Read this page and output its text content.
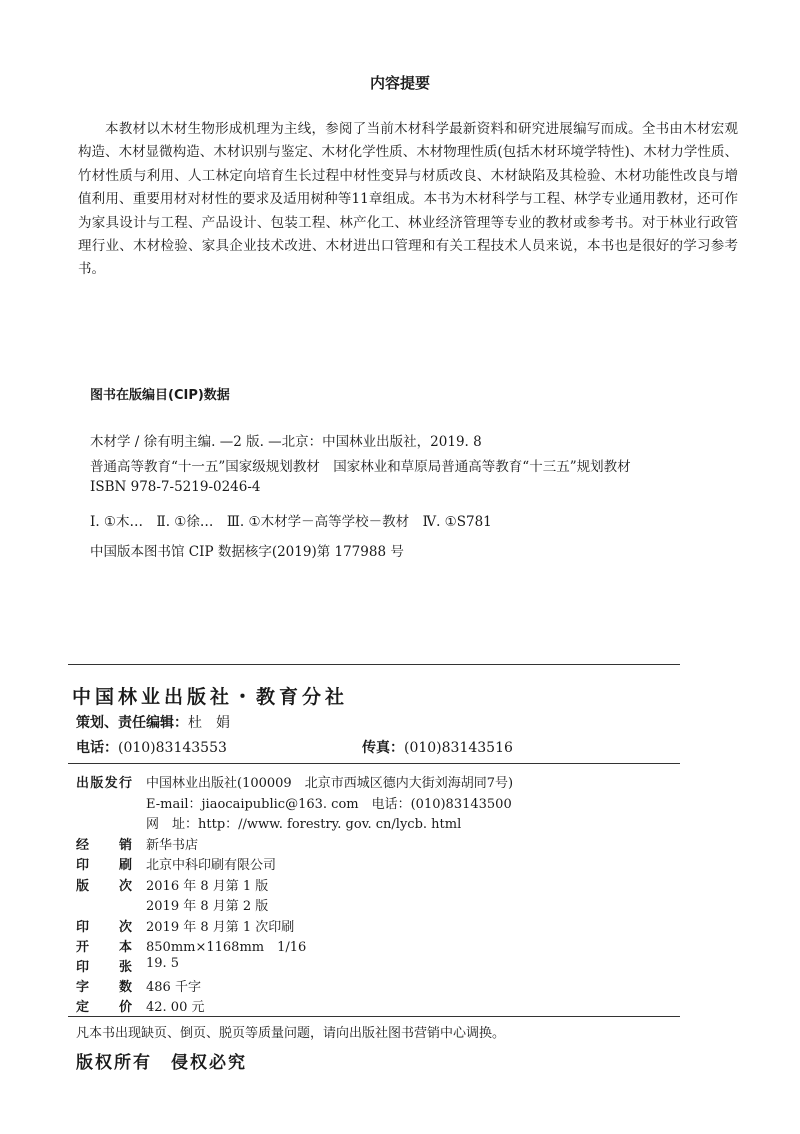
内容提要

本教材以木材生物形成机理为主线，参阅了当前木材科学最新资料和研究进展编写而成。全书由木材宏观构造、木材显微构造、木材识别与鉴定、木材化学性质、木材物理性质(包括木材环境学特性)、木材力学性质、竹材性质与利用、人工林定向培育生长过程中材性变异与材质改良、木材缺陷及其检验、木材功能性改良与增值利用、重要用材对材性的要求及适用树种等11章组成。本书为木材科学与工程、林学专业通用教材，还可作为家具设计与工程、产品设计、包装工程、林产化工、林业经济管理等专业的教材或参考书。对于林业行政管理行业、木材检验、家具企业技术改进、木材进出口管理和有关工程技术人员来说，本书也是很好的学习参考书。

图书在版编目(CIP)数据
木材学 / 徐有明主编. —2 版. —北京：中国林业出版社，2019. 8
普通高等教育“十一五”国家级规划教材　国家林业和草原局普通高等教育“十三五”规划教材
ISBN 978-7-5219-0246-4
Ⅰ. ①木…　Ⅱ. ①徐…　Ⅲ. ①木材学－高等学校－教材　Ⅳ. ①S781
中国版本图书馆 CIP 数据核字(2019)第 177988 号
中国林业出版社・教育分社
策划、责任编辑：杜　娟
电话：(010)83143553	传真：(010)83143516
出版发行 中国林业出版社(100009　北京市西城区德内大街刘海胡同7号)
E-mail：jiaocaipublic@163. com　电话：(010)83143500
网　址：http：//www. forestry. gov. cn/lycb. html
经销 新华书店
印刷 北京中科印刷有限公司
版次 2016 年 8 月第 1 版
2019 年 8 月第 2 版
印次 2019 年 8 月第 1 次印刷
开本 850mm×1168mm　1/16
印张 19. 5
字数 486 千字
定价 42. 00 元
凡本书出现缺页、倒页、脱页等质量问题，请向出版社图书营销中心调换。
版权所有　侵权必究
